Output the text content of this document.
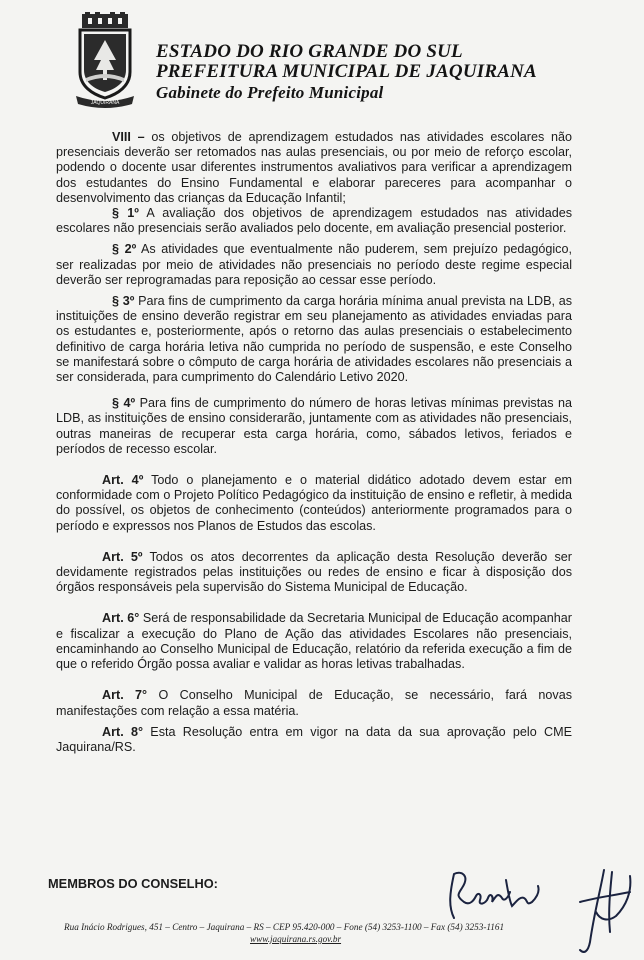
JAQUIRANA
ESTADO DO RIO GRANDE DO SUL
PREFEITURA MUNICIPAL DE JAQUIRANA
Gabinete do Prefeito Municipal

VIII – os objetivos de aprendizagem estudados nas atividades escolares não presenciais deverão ser retomados nas aulas presenciais, ou por meio de reforço escolar, podendo o docente usar diferentes instrumentos avaliativos para verificar a aprendizagem dos estudantes do Ensino Fundamental e elaborar pareceres para acompanhar o desenvolvimento das crianças da Educação Infantil;

§ 1º A avaliação dos objetivos de aprendizagem estudados nas atividades escolares não presenciais serão avaliados pelo docente, em avaliação presencial posterior.

§ 2º As atividades que eventualmente não puderem, sem prejuízo pedagógico, ser realizadas por meio de atividades não presenciais no período deste regime especial deverão ser reprogramadas para reposição ao cessar esse período.

§ 3º Para fins de cumprimento da carga horária mínima anual prevista na LDB, as instituições de ensino deverão registrar em seu planejamento as atividades enviadas para os estudantes e, posteriormente, após o retorno das aulas presenciais o estabelecimento definitivo de carga horária letiva não cumprida no período de suspensão, e este Conselho se manifestará sobre o cômputo de carga horária de atividades escolares não presenciais a ser considerada, para cumprimento do Calendário Letivo 2020.

§ 4º Para fins de cumprimento do número de horas letivas mínimas previstas na LDB, as instituições de ensino considerarão, juntamente com as atividades não presenciais, outras maneiras de recuperar esta carga horária, como, sábados letivos, feriados e períodos de recesso escolar.

Art. 4º Todo o planejamento e o material didático adotado devem estar em conformidade com o Projeto Político Pedagógico da instituição de ensino e refletir, à medida do possível, os objetos de conhecimento (conteúdos) anteriormente programados para o período e expressos nos Planos de Estudos das escolas.

Art. 5º Todos os atos decorrentes da aplicação desta Resolução deverão ser devidamente registrados pelas instituições ou redes de ensino e ficar à disposição dos órgãos responsáveis pela supervisão do Sistema Municipal de Educação.

Art. 6° Será de responsabilidade da Secretaria Municipal de Educação acompanhar e fiscalizar a execução do Plano de Ação das atividades Escolares não presenciais, encaminhando ao Conselho Municipal de Educação, relatório da referida execução a fim de que o referido Órgão possa avaliar e validar as horas letivas trabalhadas.

Art. 7° O Conselho Municipal de Educação, se necessário, fará novas manifestações com relação a essa matéria.

Art. 8° Esta Resolução entra em vigor na data da sua aprovação pelo CME Jaquirana/RS.

MEMBROS DO CONSELHO:
Rua Inácio Rodrigues, 451 – Centro – Jaquirana – RS – CEP 95.420-000 – Fone (54) 3253-1100 – Fax (54) 3253-1161
www.jaquirana.rs.gov.br
